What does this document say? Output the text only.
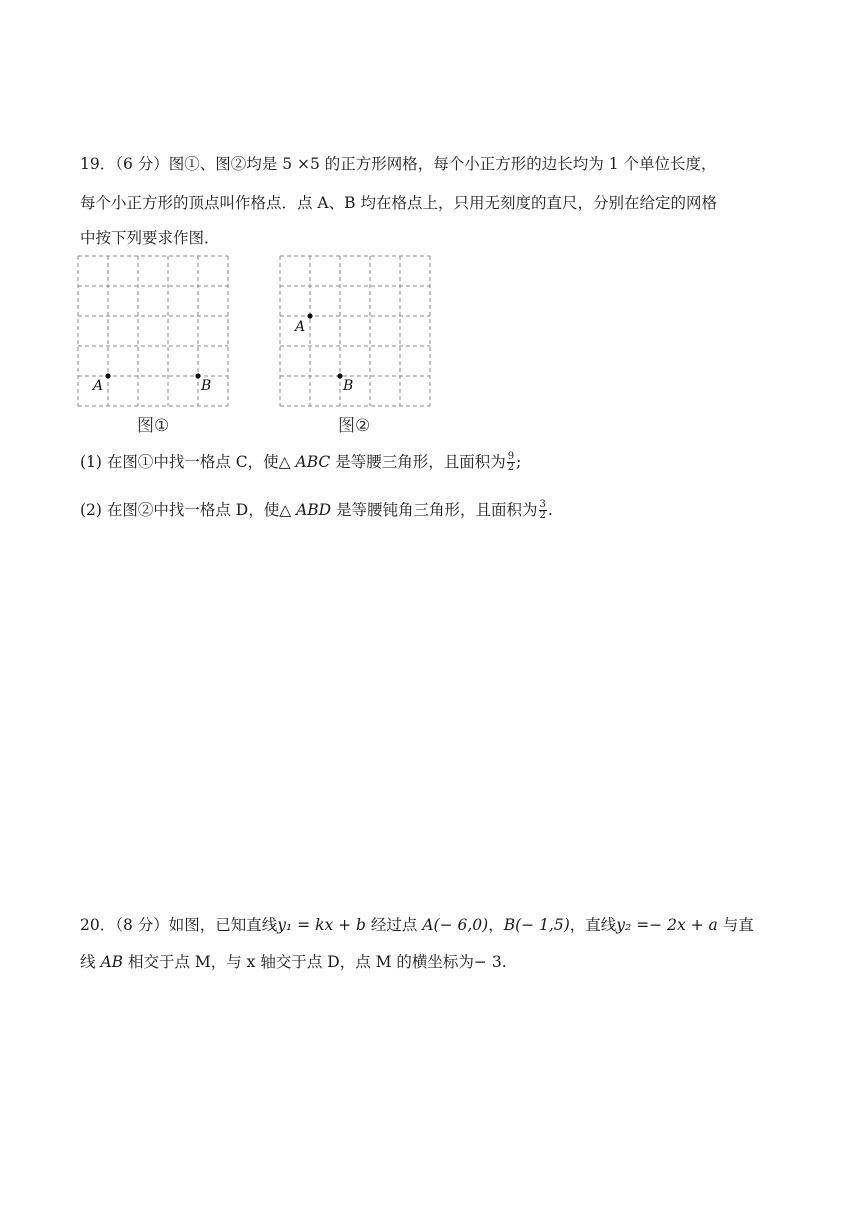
19．（6 分）图①、图②均是 5 ×5 的正方形网格，每个小正方形的边长均为 1 个单位长度，
每个小正方形的顶点叫作格点．点 A、B 均在格点上，只用无刻度的直尺，分别在给定的网格
中按下列要求作图．
A	B
图①
A
B
图②
(1) 在图①中找一格点 C，使△ ABC 是等腰三角形，且面积为 $\frac{9}{2}$ ;
(2) 在图②中找一格点 D，使△ ABD 是等腰钝角三角形，且面积为 $\frac{3}{2}$ .
20．（8 分）如图，已知直线y₁ = kx + b 经过点 A(− 6,0)，B(− 1,5)，直线y₂ =− 2x + a 与直
线 AB 相交于点 M，与 x 轴交于点 D，点 M 的横坐标为− 3.
